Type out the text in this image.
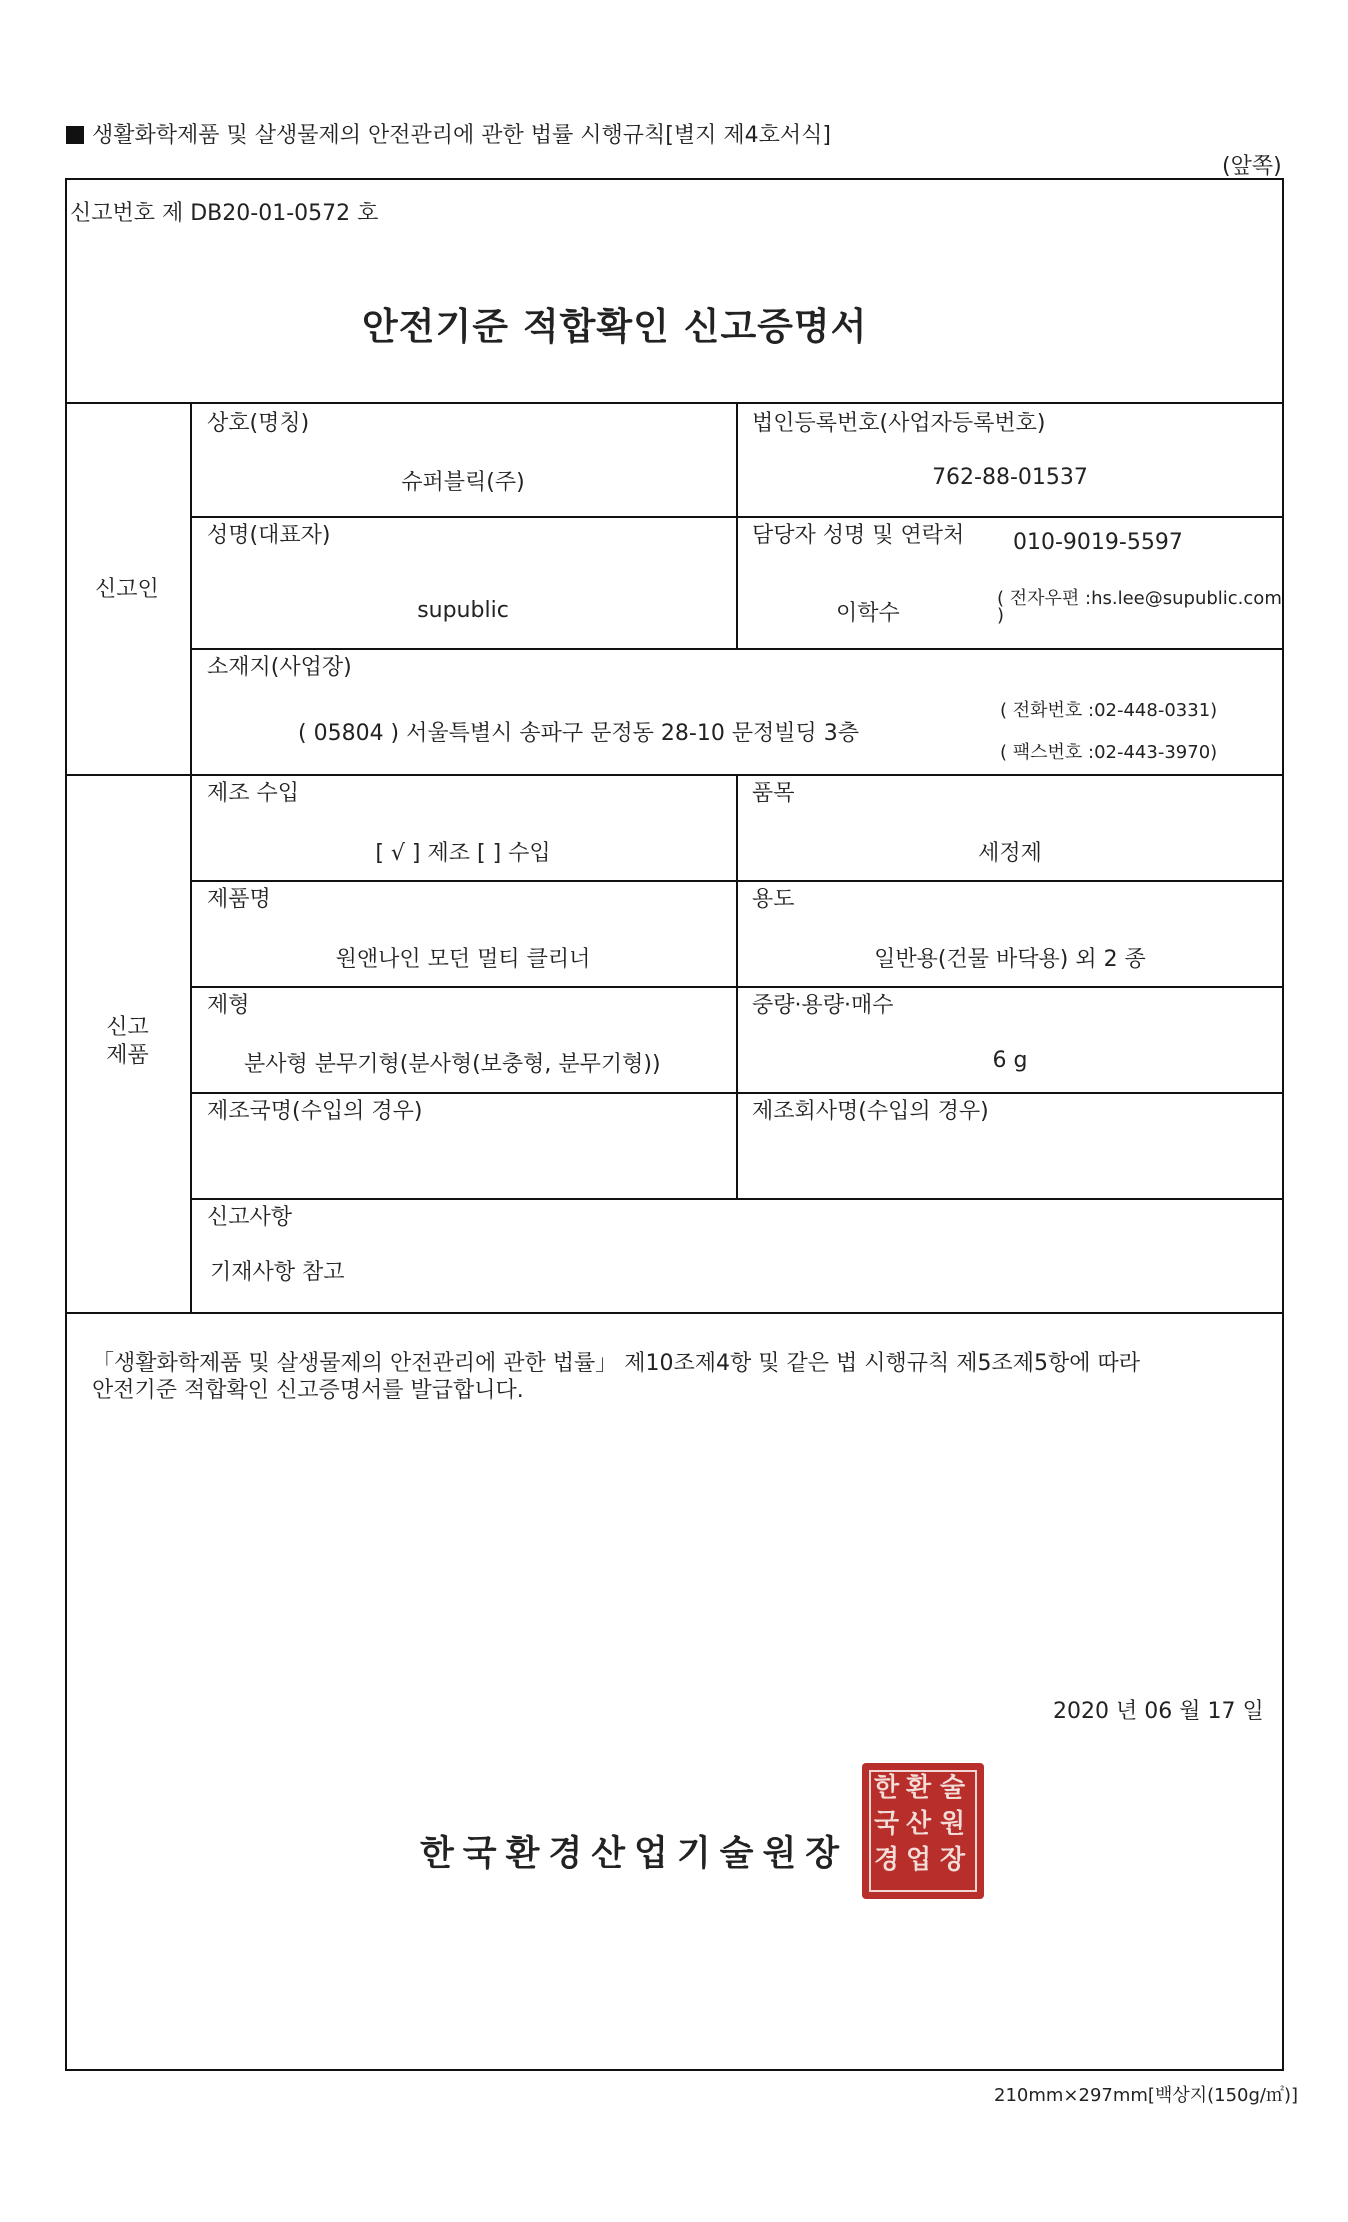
생활화학제품 및 살생물제의 안전관리에 관한 법률 시행규칙[별지 제4호서식]
(앞쪽)
신고번호 제 DB20-01-0572 호
안전기준 적합확인 신고증명서
신고인
상호(명칭)
슈퍼블릭(주)
법인등록번호(사업자등록번호)
762-88-01537
성명(대표자)
supublic
담당자 성명 및 연락처 010-9019-5597
이학수
( 전자우편 :hs.lee@supublic.com
)
소재지(사업장)
( 05804 ) 서울특별시 송파구 문정동 28-10 문정빌딩 3층
( 전화번호 :02-448-0331)
( 팩스번호 :02-443-3970)
신고
제품
제조 수입
[ √ ] 제조 [ ] 수입
품목
세정제
제품명
원앤나인 모던 멀티 클리너
용도
일반용(건물 바닥용) 외 2 종
제형
분사형 분무기형(분사형(보충형, 분무기형))
중량·용량·매수
6 g
제조국명(수입의 경우)	제조회사명(수입의 경우)
신고사항
기재사항 참고
「생활화학제품 및 살생물제의 안전관리에 관한 법률」 제10조제4항 및 같은 법 시행규칙 제5조제5항에 따라
안전기준 적합확인 신고증명서를 발급합니다.
2020 년 06 월 17 일
한국환경산업기술원장
한 환 술
국 산 원
경 업 장
210mm×297mm[백상지(150g/㎡)]
